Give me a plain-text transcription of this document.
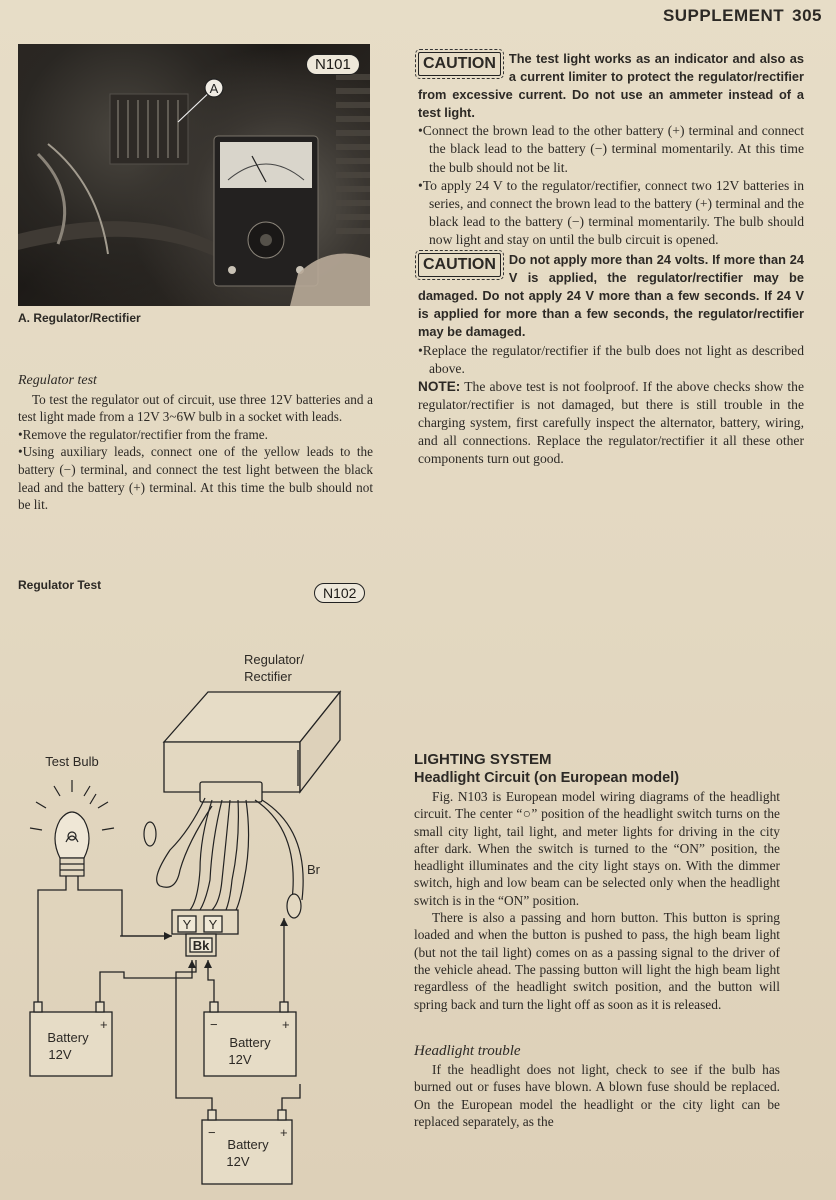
SUPPLEMENT 305
A
N101
A. Regulator/Rectifier
Regulator test

To test the regulator out of circuit, use three 12V batteries and a test light made from a 12V 3~6W bulb in a socket with leads.

•Remove the regulator/rectifier from the frame.

•Using auxiliary leads, connect one of the yellow leads to the battery (−) terminal, and connect the test light between the black lead and the battery (+) terminal. At this time the bulb should not be lit.

Regulator Test	N102
Regulator/
Rectifier
Test Bulb
Br
Y Y
Bk
Battery
12V
+
Battery
12V
−	+
Battery
12V
−	+

CAUTION	The test light works as an indicator and also as a current limiter to protect the regulator/rectifier from excessive current. Do not use an ammeter instead of a test light.

•Connect the brown lead to the other battery (+) terminal and connect the black lead to the battery (−) terminal momentarily. At this time the bulb should not be lit.

•To apply 24 V to the regulator/rectifier, connect two 12V batteries in series, and connect the brown lead to the battery (+) terminal and the black lead to the battery (−) terminal momentarily. The bulb should now light and stay on until the bulb circuit is opened.

CAUTION	Do not apply more than 24 volts. If more than 24 V is applied, the regulator/rectifier may be damaged. Do not apply 24 V more than a few seconds. If 24 V is applied for more than a few seconds, the regulator/rectifier may be damaged.

•Replace the regulator/rectifier if the bulb does not light as described above.

NOTE: The above test is not foolproof. If the above checks show the regulator/rectifier is not damaged, but there is still trouble in the charging system, first carefully inspect the alternator, battery, wiring, and all connections. Replace the regulator/rectifier it all these other components turn out good.

LIGHTING SYSTEM
Headlight Circuit (on European model)

Fig. N103 is European model wiring diagrams of the headlight circuit. The center “○” position of the headlight switch turns on the small city light, tail light, and meter lights for driving in the city after dark. When the switch is turned to the “ON” position, the headlight illuminates and the city light stays on. With the dimmer switch, high and low beam can be selected only when the headlight switch is in the “ON” position.

There is also a passing and horn button. This button is spring loaded and when the button is pushed to pass, the high beam light (but not the tail light) comes on as a passing signal to the driver of the vehicle ahead. The passing button will light the high beam light regardless of the headlight switch position, and the button will spring back and turn the light off as soon as it is released.

Headlight trouble

If the headlight does not light, check to see if the bulb has burned out or fuses have blown. A blown fuse should be replaced. On the European model the headlight or the city light can be replaced separately, as the
